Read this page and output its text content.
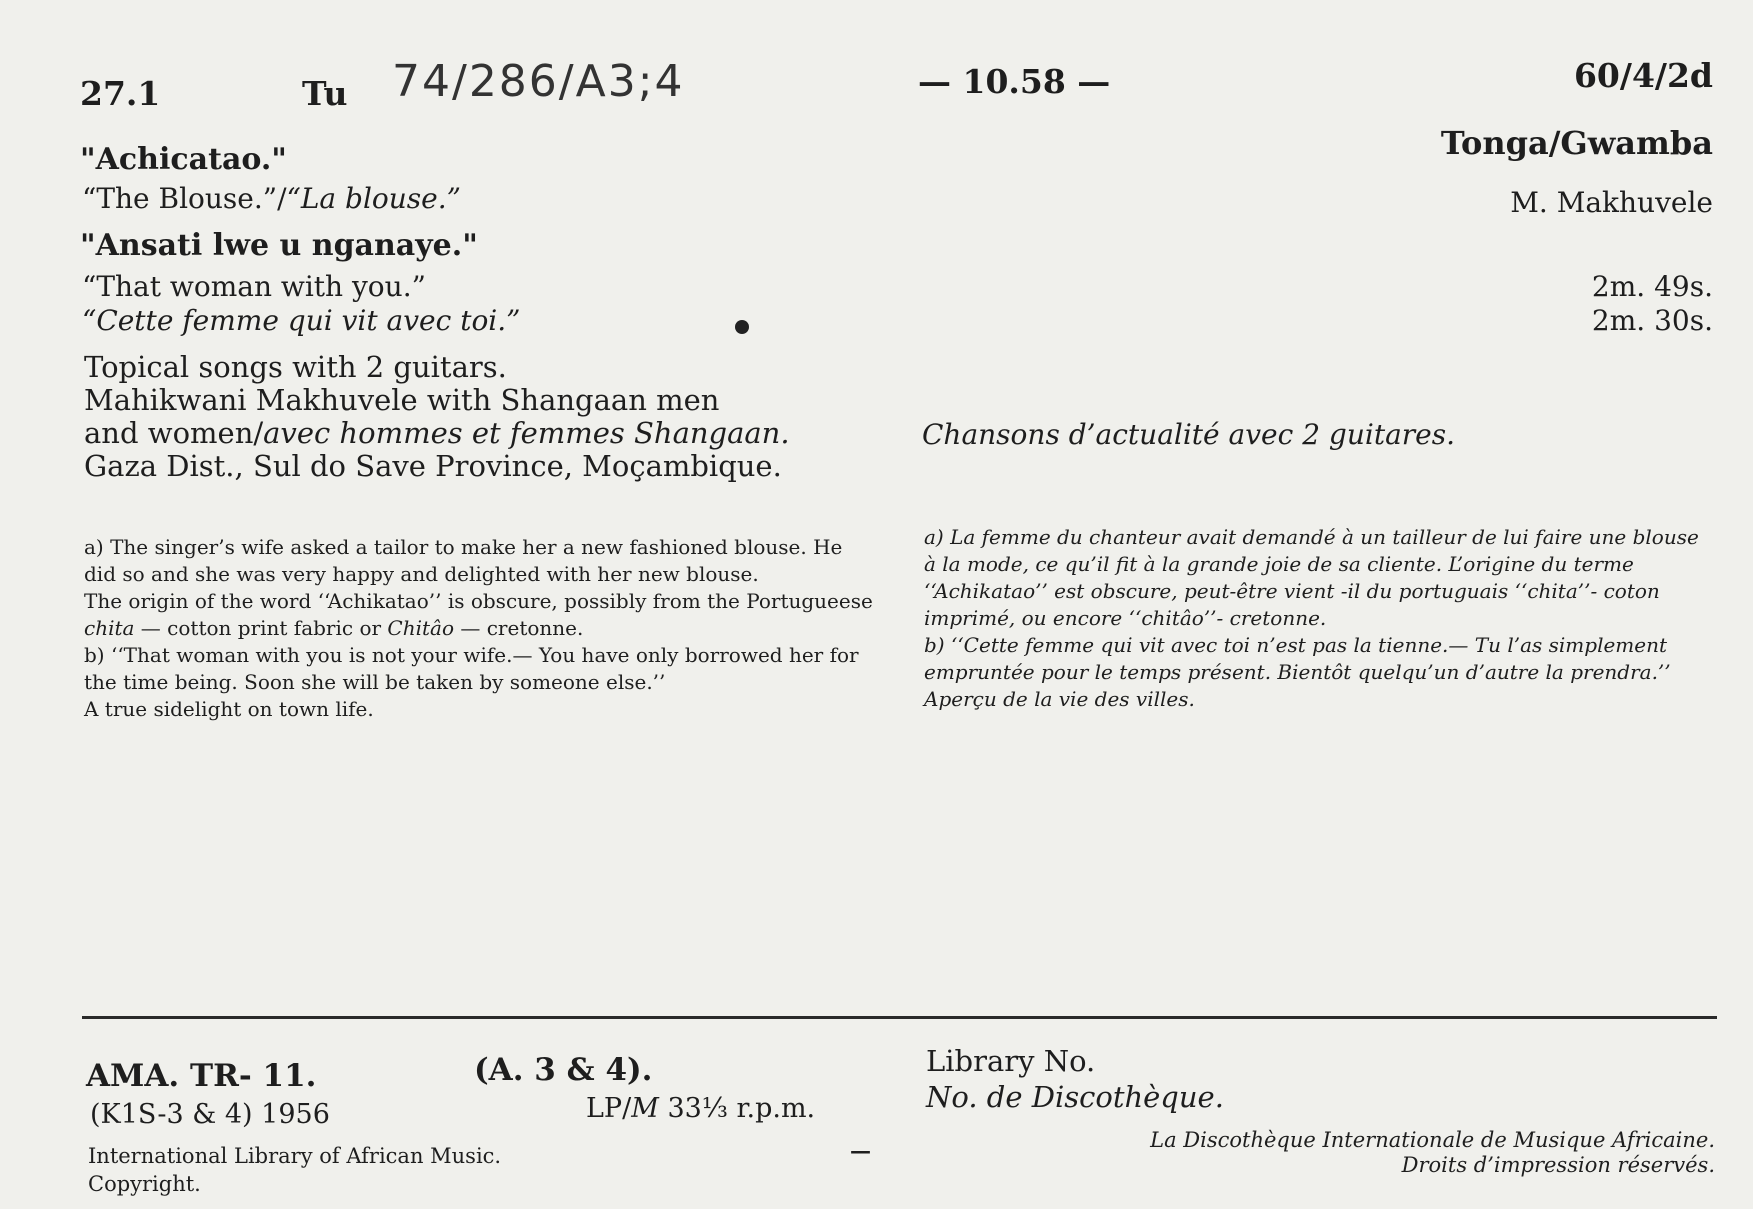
27.1	Tu 74/286/A3;4	— 10.58 —	60/4/2d
"Achicatao."
“The Blouse.”/“La blouse.”
"Ansati lwe u nganaye."
“That woman with you.”
“Cette femme qui vit avec toi.”
Tonga/Gwamba
M. Makhuvele
2m. 49s.
2m. 30s.
Topical songs with 2 guitars.
Mahikwani Makhuvele with Shangaan men
and women/avec hommes et femmes Shangaan.
Gaza Dist., Sul do Save Province, Moçambique.
Chansons d’actualité avec 2 guitares.

a) The singer’s wife asked a tailor to make her a new fashioned blouse. He did so and she was very happy and delighted with her new blouse.

The origin of the word ‘‘Achikatao’’ is obscure, possibly from the Portugueese chita — cotton print fabric or Chitâo — cretonne.

b) ‘‘That woman with you is not your wife.— You have only borrowed her for the time being. Soon she will be taken by someone else.’’

A true sidelight on town life.

a) La femme du chanteur avait demandé à un tailleur de lui faire une blouse à la mode, ce qu’il fit à la grande joie de sa cliente. L’origine du terme ‘‘Achikatao’’ est obscure, peut-être vient -il du portuguais ‘‘chita’’- coton imprimé, ou encore ‘‘chitâo’’- cretonne.

b) ‘‘Cette femme qui vit avec toi n’est pas la tienne.— Tu l’as simplement empruntée pour le temps présent. Bientôt quelqu’un d’autre la prendra.’’

Aperçu de la vie des villes.

AMA. TR- 11.	(A. 3 & 4).
(K1S-3 & 4) 1956	LP/M 33⅓ r.p.m.
International Library of African Music.
Copyright.
—
Library No.
No. de Discothèque.
La Discothèque Internationale de Musique Africaine.
Droits d’impression réservés.
